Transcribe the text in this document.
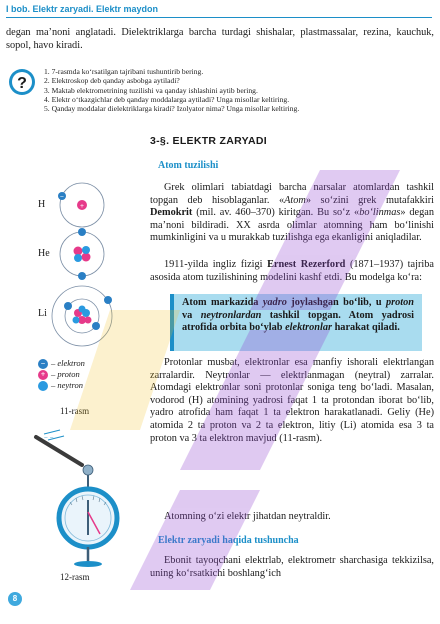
I bob. Elektr zaryadi. Elektr maydon

degan ma’noni anglatadi. Dielektriklarga barcha turdagi shishalar, plastmassalar, rezina, kauchuk, sopol, havo kiradi.

?
1. 7-rasmda ko‘rsatilgan tajribani tushuntirib bering.
2. Elektroskop deb qanday asbobga aytiladi?
3. Maktab elektrometrining tuzilishi va qanday ishlashini aytib bering.
4. Elektr o‘tkazgichlar deb qanday moddalarga aytiladi? Unga misollar keltiring.
5. Qanday moddalar dielektriklarga kiradi? Izolyator nima? Unga misollar keltiring.
3-§. ELEKTR ZARYADI
Atom tuzilishi

Grek olimlari tabiatdagi barcha narsalar atomlardan tashkil topgan deb hisoblaganlar. «Atom» so‘zini grek mutafakkiri Demokrit (mil. av. 460–370) kiritgan. Bu so‘z «bo‘linmas» degan ma’noni bildiradi. XX asrda olimlar atomning ham bo‘linishi mumkinligini va u murakkab tuzilishga ega ekanligini aniqladilar.

1911-yilda ingliz fizigi Ernest Rezerford (1871–1937) tajriba asosida atom tuzilishining modelini kashf etdi. Bu modelga ko‘ra:

Atom markazida yadro joylashgan bo‘lib, u proton va neytronlardan tashkil topgan. Atom yadrosi atrofida orbita bo‘ylab elektronlar harakat qiladi.

Protonlar musbat, elektronlar esa manfiy ishorali elektrlangan zarralardir. Neytronlar — elektrlanmagan (neytral) zarralar. Atomdagi elektronlar soni protonlar soniga teng bo‘ladi. Masalan, vodorod (H) atomining yadrosi faqat 1 ta protondan iborat bo‘lib, yadro atrofida ham faqat 1 ta elektron harakatlanadi. Geliy (He) atomida 2 ta proton va 2 ta elektron, litiy (Li) atomida esa 3 ta proton va 3 ta elektron mavjud (11-rasm).

Atomning o‘zi elektr jihatdan neytraldir.

Elektr zaryadi haqida tushuncha

Ebonit tayoqchani elektrlab, elektrometr sharchasiga tekkizilsa, uning ko‘rsatkichi boshlang‘ich

+
−
H
He
Li
− – elektron
+ – proton
– neytron
11-rasm
− −
12-rasm
8
